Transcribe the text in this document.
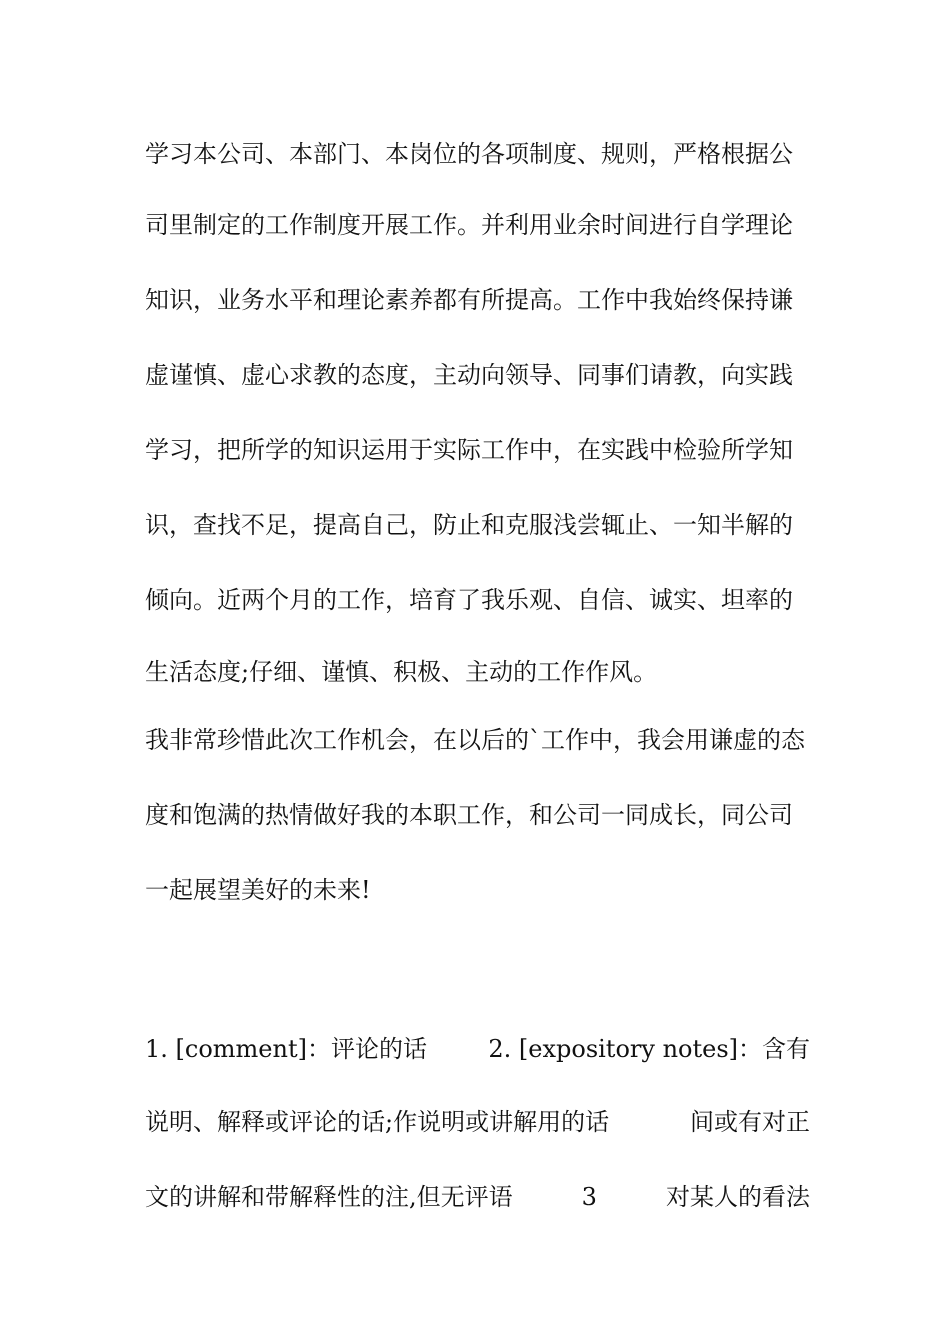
学习本公司、本部门、本岗位的各项制度、规则，严格根据公
司里制定的工作制度开展工作。并利用业余时间进行自学理论
知识，业务水平和理论素养都有所提高。工作中我始终保持谦
虚谨慎、虚心求教的态度，主动向领导、同事们请教，向实践
学习，把所学的知识运用于实际工作中，在实践中检验所学知
识，查找不足，提高自己，防止和克服浅尝辄止、一知半解的
倾向。近两个月的工作，培育了我乐观、自信、诚实、坦率的
生活态度;仔细、谨慎、积极、主动的工作作风。
我非常珍惜此次工作机会，在以后的`工作中，我会用谦虚的态
度和饱满的热情做好我的本职工作，和公司一同成长，同公司
一起展望美好的未来!
1. [comment]：评论的话	2. [expository notes]：含有
说明、解释或评论的话;作说明或讲解用的话	间或有对正
文的讲解和带解释性的注,但无评语	3	对某人的看法
